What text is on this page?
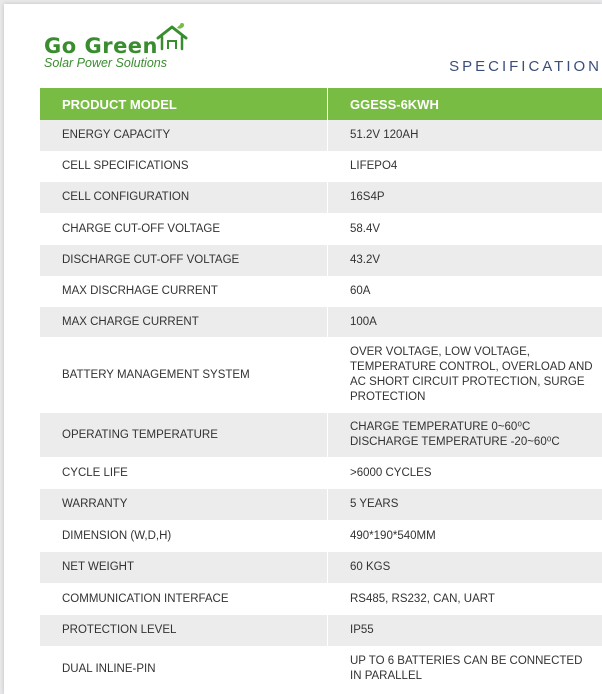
Go Green
Solar Power Solutions	SPECIFICATION
PRODUCT MODEL	GGESS-6KWH
ENERGY CAPACITY	51.2V 120AH
CELL SPECIFICATIONS	LIFEPO4
CELL CONFIGURATION	16S4P
CHARGE CUT-OFF VOLTAGE	58.4V
DISCHARGE CUT-OFF VOLTAGE	43.2V
MAX DISCRHAGE CURRENT	60A
MAX CHARGE CURRENT	100A
BATTERY MANAGEMENT SYSTEM	OVER VOLTAGE, LOW VOLTAGE, TEMPERATURE CONTROL, OVERLOAD AND AC SHORT CIRCUIT PROTECTION, SURGE PROTECTION
OPERATING TEMPERATURE	CHARGE TEMPERATURE 0~60⁰C
DISCHARGE TEMPERATURE -20~60⁰C

CYCLE LIFE	>6000 CYCLES
WARRANTY	5 YEARS
DIMENSION (W,D,H)	490*190*540MM
NET WEIGHT	60 KGS
COMMUNICATION INTERFACE	RS485, RS232, CAN, UART
PROTECTION LEVEL	IP55
DUAL INLINE-PIN	UP TO 6 BATTERIES CAN BE CONNECTED IN PARALLEL
